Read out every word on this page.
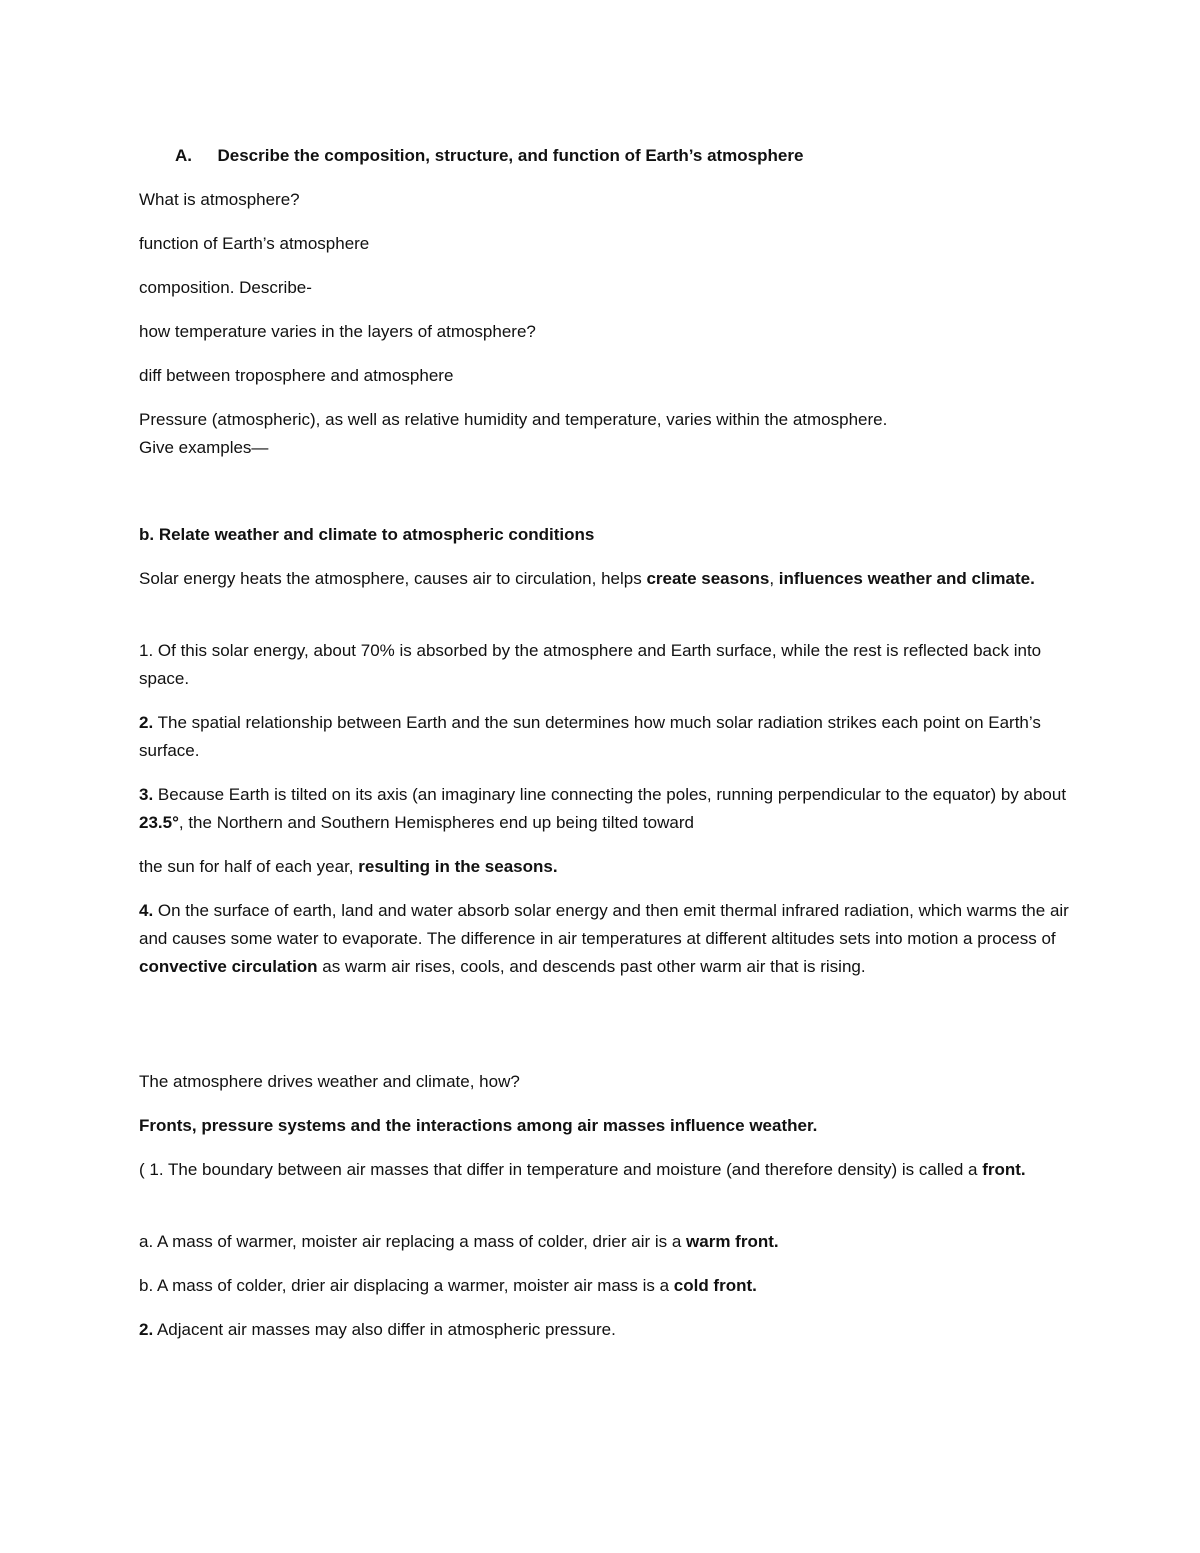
A. Describe the composition, structure, and function of Earth’s atmosphere

What is atmosphere?

function of Earth’s atmosphere

composition. Describe-

how temperature varies in the layers of atmosphere?

diff between troposphere and atmosphere

Pressure (atmospheric), as well as relative humidity and temperature, varies within the atmosphere.

Give examples—

b. Relate weather and climate to atmospheric conditions

Solar energy heats the atmosphere, causes air to circulation, helps create seasons, influences weather and climate.

1. Of this solar energy, about 70% is absorbed by the atmosphere and Earth surface, while the rest is reflected back into space.

2. The spatial relationship between Earth and the sun determines how much solar radiation strikes each point on Earth’s surface.

3. Because Earth is tilted on its axis (an imaginary line connecting the poles, running perpendicular to the equator) by about 23.5°, the Northern and Southern Hemispheres end up being tilted toward

the sun for half of each year, resulting in the seasons.

4. On the surface of earth, land and water absorb solar energy and then emit thermal infrared radiation, which warms the air and causes some water to evaporate. The difference in air temperatures at different altitudes sets into motion a process of convective circulation as warm air rises, cools, and descends past other warm air that is rising.

The atmosphere drives weather and climate, how?

Fronts, pressure systems and the interactions among air masses influence weather.

( 1. The boundary between air masses that differ in temperature and moisture (and therefore density) is called a front.

a. A mass of warmer, moister air replacing a mass of colder, drier air is a warm front.

b. A mass of colder, drier air displacing a warmer, moister air mass is a cold front.

2. Adjacent air masses may also differ in atmospheric pressure.
